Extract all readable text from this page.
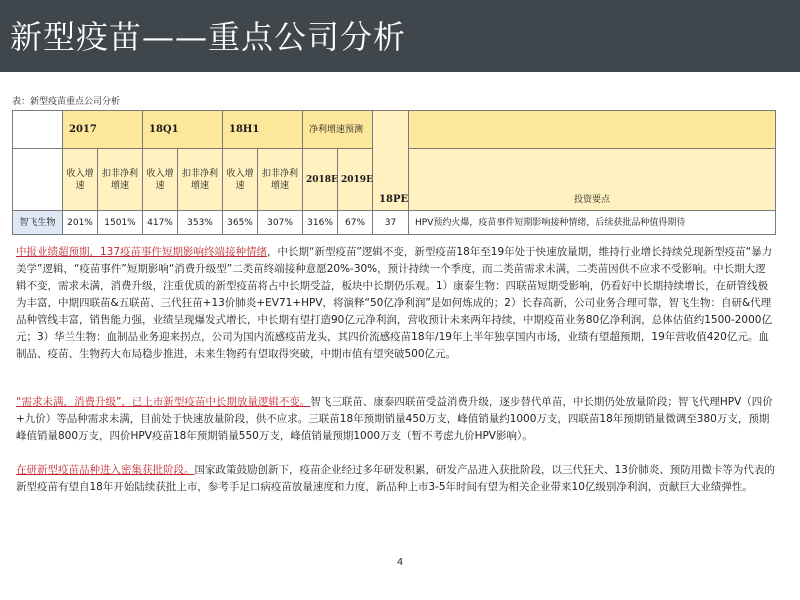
新型疫苗——重点公司分析
表：新型疫苗重点公司分析
	2017		18Q1		18H1		净利增速预测		18PE	
	收入增速	扣非净利增速	收入增速	扣非净利增速	收入增速	扣非净利增速	2018E	2019E		投资要点
智飞生物	201%	1501%	417%	353%	365%	307%	316%	67%	37	HPV预约火爆，疫苗事件短期影响接种情绪，后续获批品种值得期待
中报业绩超预期，137疫苗事件短期影响终端接种情绪，中长期“新型疫苗”逻辑不变，新型疫苗18年至19年处于快速放量期，维持行业增长持续兑现新型疫苗“暴力美学”逻辑，“疫苗事件”短期影响“消费升级型”二类苗终端接种意愿20%-30%，预计持续一个季度，而二类苗需求未满，二类苗因供不应求不受影响。中长期大逻辑不变，需求未满，消费升级，注重优质的新型疫苗将占中长期受益，板块中长期仍乐观。1）康泰生物：四联苗短期受影响，仍看好中长期持续增长，在研管线极为丰富，中期四联苗&五联苗、三代狂苗+13价肺炎+EV71+HPV，将演释“50亿净利润”是如何炼成的；2）长春高新，公司业务合理可靠，智飞生物：自研&代理品种管线丰富，销售能力强，业绩呈现爆发式增长，中长期有望打造90亿元净利润，营收预计未来两年持续，中期疫苗业务80亿净利润，总体估值约1500-2000亿元；3）华兰生物：血制品业务迎来拐点，公司为国内流感疫苗龙头，其四价流感疫苗18年/19年上半年独享国内市场，业绩有望超预期，19年营收值420亿元。血制品、疫苗、生物药大布局稳步推进，未来生物药有望取得突破，中期市值有望突破500亿元。
“需求未满，消费升级”，已上市新型疫苗中长期放量逻辑不变。智飞三联苗、康泰四联苗受益消费升级，逐步替代单苗，中长期仍处放量阶段；智飞代理HPV（四价+九价）等品种需求未满，目前处于快速放量阶段，供不应求。三联苗18年预期销量450万支，峰值销量约1000万支，四联苗18年预期销量微调至380万支，预期峰值销量800万支，四价HPV疫苗18年预期销量550万支，峰值销量预期1000万支（暂不考虑九价HPV影响）。
在研新型疫苗品种进入密集获批阶段。国家政策鼓励创新下，疫苗企业经过多年研发积累，研发产品进入获批阶段，以三代狂犬、13价肺炎、预防用微卡等为代表的新型疫苗有望自18年开始陆续获批上市，参考手足口病疫苗放量速度和力度，新品种上市3-5年时间有望为相关企业带来10亿级别净利润，贡献巨大业绩弹性。
4
